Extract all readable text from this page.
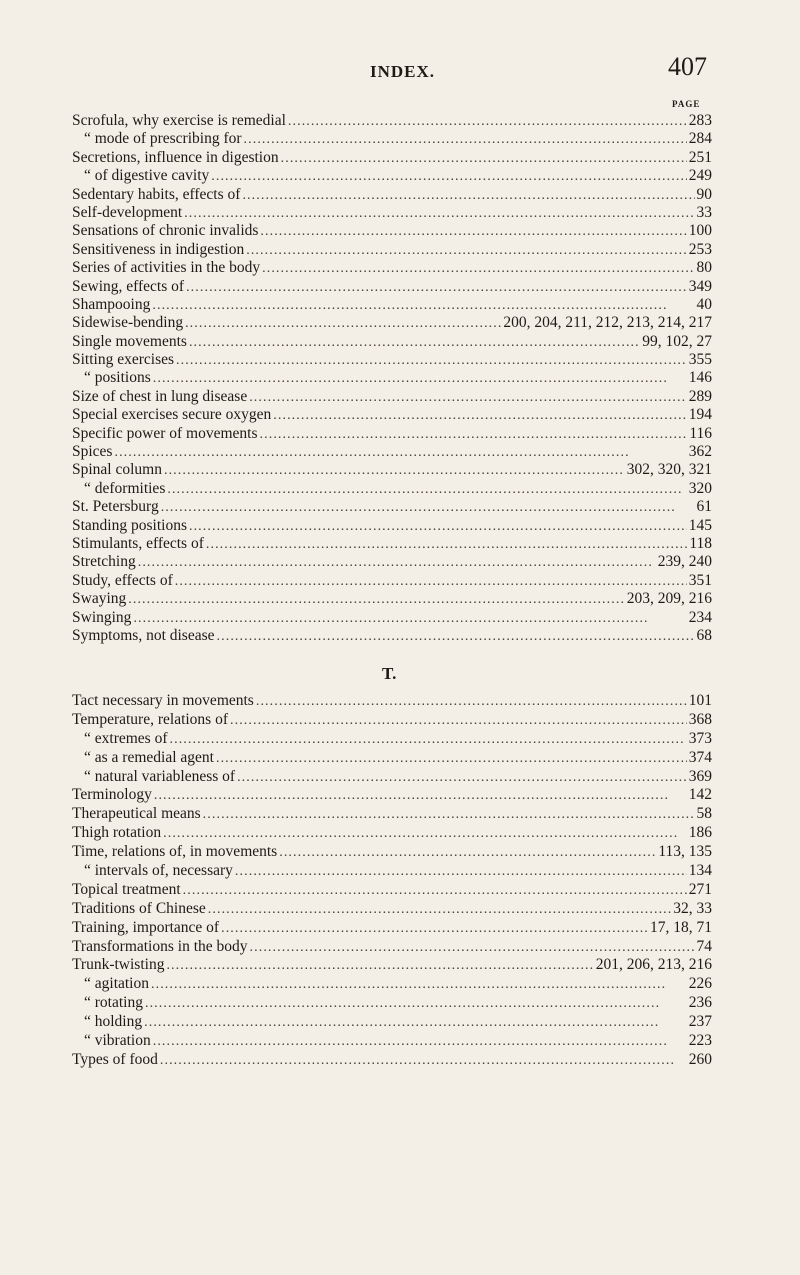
INDEX.	407
PAGE
Scrofula, why exercise is remedial . . .	283
“ mode of prescribing for . . .	284
Secretions, influence in digestion . . .	251
“ of digestive cavity . . .	249
Sedentary habits, effects of . . .	90
Self-development . . .	33
Sensations of chronic invalids . . .	100
Sensitiveness in indigestion . . .	253
Series of activities in the body . . .	80
Sewing, effects of . . .	349
Shampooing . . .	40
Sidewise-bending . . .	200, 204, 211, 212, 213, 214, 217
Single movements . . .	99, 102, 27
Sitting exercises . . .	355
“ positions . . .	146
Size of chest in lung disease . . .	289
Special exercises secure oxygen . . .	194
Specific power of movements . . .	116
Spices . . .	362
Spinal column . . .	302, 320, 321
“ deformities . . .	320
St. Petersburg . . .	61
Standing positions . . .	145
Stimulants, effects of . . .	118
Stretching . . .	239, 240
Study, effects of . . .	351
Swaying . . .	203, 209, 216
Swinging . . .	234
Symptoms, not disease . . .	68
T.
Tact necessary in movements . . .	101
Temperature, relations of . . .	368
“ extremes of . . .	373
“ as a remedial agent . . .	374
“ natural variableness of . . .	369
Terminology . . .	142
Therapeutical means . . .	58
Thigh rotation . . .	186
Time, relations of, in movements . . .	113, 135
“ intervals of, necessary . . .	134
Topical treatment . . .	271
Traditions of Chinese . . .	32, 33
Training, importance of . . .	17, 18, 71
Transformations in the body . . .	74
Trunk-twisting . . .	201, 206, 213, 216
“ agitation . . .	226
“ rotating . . .	236
“ holding . . .	237
“ vibration . . .	223
Types of food . . .	260
